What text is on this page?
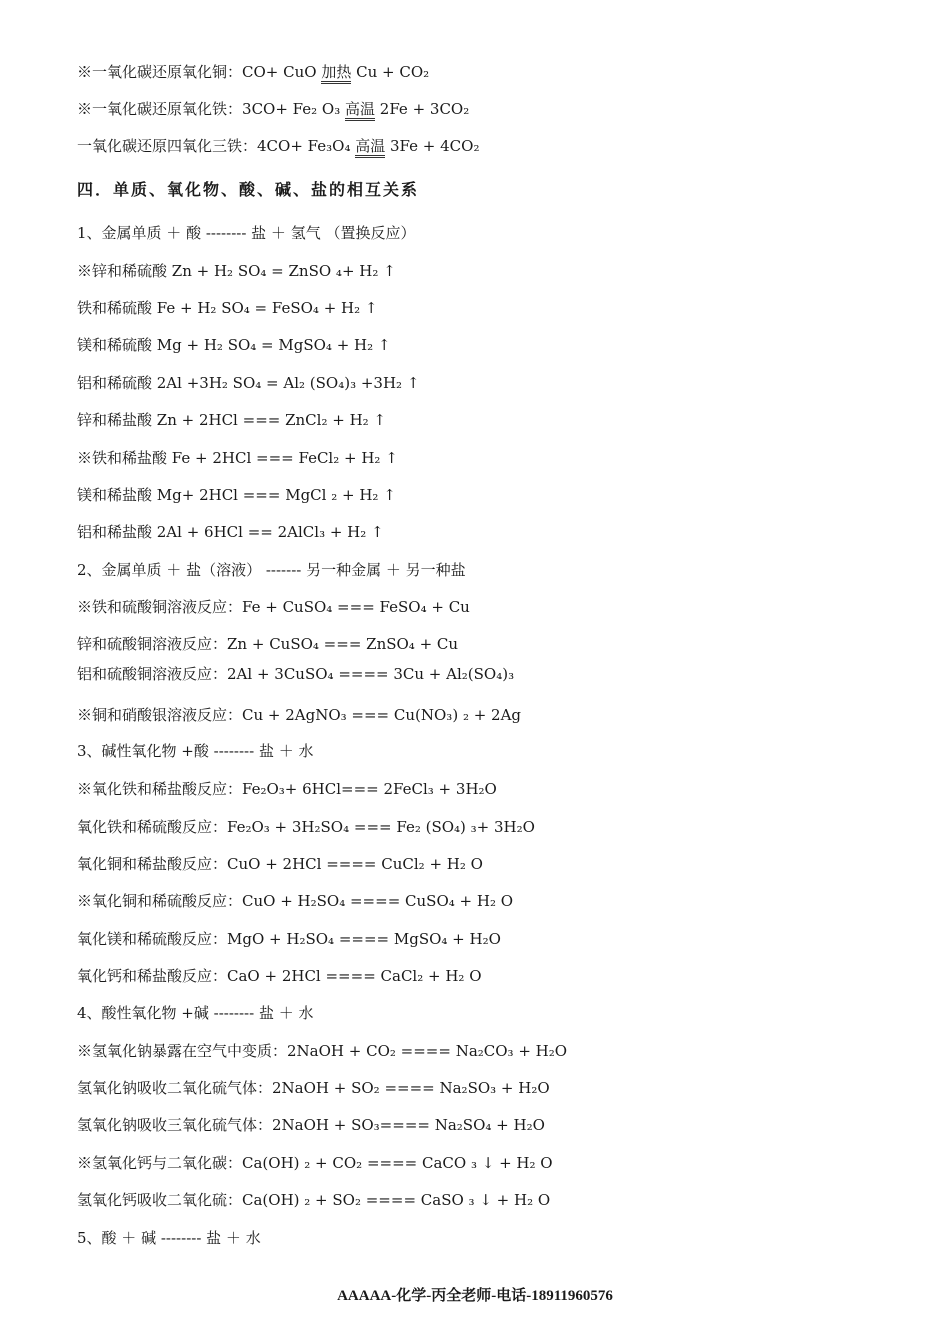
※一氧化碳还原氧化铜：CO+ CuO 加热 Cu + CO₂
※一氧化碳还原氧化铁：3CO+ Fe₂ O₃ 高温 2Fe + 3CO₂
一氧化碳还原四氧化三铁：4CO+ Fe₃O₄ 高温 3Fe + 4CO₂
四．单质、氧化物、酸、碱、盐的相互关系
1、金属单质 ＋ 酸 -------- 盐 ＋ 氢气 （置换反应）
※锌和稀硫酸 Zn + H₂ SO₄ = ZnSO ₄+ H₂ ↑
铁和稀硫酸 Fe + H₂ SO₄ = FeSO₄ + H₂ ↑
镁和稀硫酸 Mg + H₂ SO₄ = MgSO₄ + H₂ ↑
铝和稀硫酸 2Al +3H₂ SO₄ = Al₂ (SO₄)₃ +3H₂ ↑
锌和稀盐酸 Zn + 2HCl === ZnCl₂ + H₂ ↑
※铁和稀盐酸 Fe + 2HCl === FeCl₂ + H₂ ↑
镁和稀盐酸 Mg+ 2HCl === MgCl ₂ + H₂ ↑
铝和稀盐酸 2Al + 6HCl == 2AlCl₃ + H₂ ↑
2、金属单质 ＋ 盐（溶液） ------- 另一种金属 ＋ 另一种盐
※铁和硫酸铜溶液反应：Fe + CuSO₄ === FeSO₄ + Cu
锌和硫酸铜溶液反应：Zn + CuSO₄ === ZnSO₄ + Cu
铝和硫酸铜溶液反应：2Al + 3CuSO₄ ==== 3Cu + Al₂(SO₄)₃
※铜和硝酸银溶液反应：Cu + 2AgNO₃ === Cu(NO₃) ₂ + 2Ag
3、碱性氧化物 +酸 -------- 盐 ＋ 水
※氧化铁和稀盐酸反应：Fe₂O₃+ 6HCl=== 2FeCl₃ + 3H₂O
氧化铁和稀硫酸反应：Fe₂O₃ + 3H₂SO₄ === Fe₂ (SO₄) ₃+ 3H₂O
氧化铜和稀盐酸反应：CuO + 2HCl ==== CuCl₂ + H₂ O
※氧化铜和稀硫酸反应：CuO + H₂SO₄ ==== CuSO₄ + H₂ O
氧化镁和稀硫酸反应：MgO + H₂SO₄ ==== MgSO₄ + H₂O
氧化钙和稀盐酸反应：CaO + 2HCl ==== CaCl₂ + H₂ O
4、酸性氧化物 +碱 -------- 盐 ＋ 水
※氢氧化钠暴露在空气中变质：2NaOH + CO₂ ==== Na₂CO₃ + H₂O
氢氧化钠吸收二氧化硫气体：2NaOH + SO₂ ==== Na₂SO₃ + H₂O
氢氧化钠吸收三氧化硫气体：2NaOH + SO₃==== Na₂SO₄ + H₂O
※氢氧化钙与二氧化碳：Ca(OH) ₂ + CO₂ ==== CaCO ₃ ↓ + H₂ O
氢氧化钙吸收二氧化硫：Ca(OH) ₂ + SO₂ ==== CaSO ₃ ↓ + H₂ O
5、酸 ＋ 碱 -------- 盐 ＋ 水
AAAAA-化学-丙全老师-电话-18911960576
